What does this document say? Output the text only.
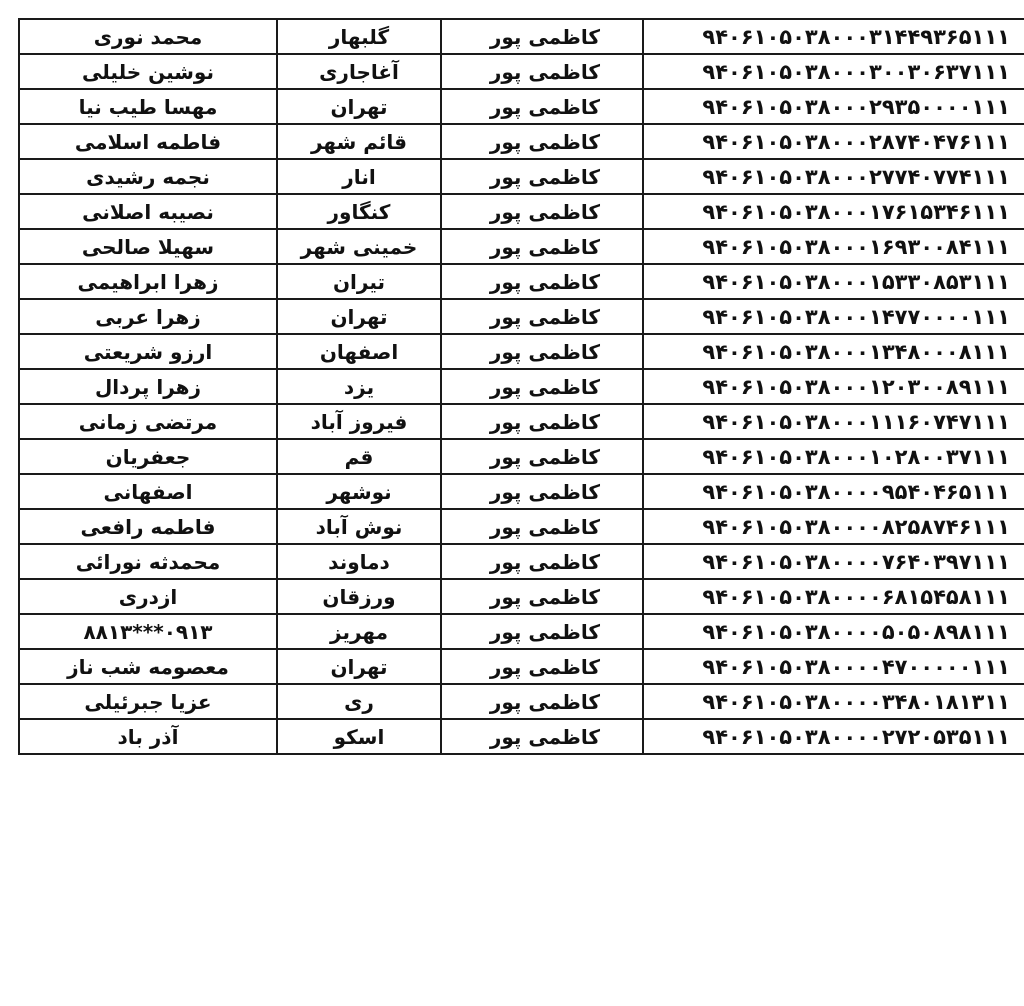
محمد نوری	گلبهار	کاظمی پور	۹۴۰۶۱۰۵۰۳۸۰۰۰۳۱۴۴۹۳۶۵۱۱۱
نوشین خلیلی	آغاجاری	کاظمی پور	۹۴۰۶۱۰۵۰۳۸۰۰۰۳۰۰۳۰۶۳۷۱۱۱
مهسا طیب نیا	تهران	کاظمی پور	۹۴۰۶۱۰۵۰۳۸۰۰۰۲۹۳۵۰۰۰۰۱۱۱
فاطمه اسلامی	قائم شهر	کاظمی پور	۹۴۰۶۱۰۵۰۳۸۰۰۰۲۸۷۴۰۴۷۶۱۱۱
نجمه رشیدی	انار	کاظمی پور	۹۴۰۶۱۰۵۰۳۸۰۰۰۲۷۷۴۰۷۷۴۱۱۱
نصیبه اصلانی	کنگاور	کاظمی پور	۹۴۰۶۱۰۵۰۳۸۰۰۰۱۷۶۱۵۳۴۶۱۱۱
سهیلا صالحی	خمینی شهر	کاظمی پور	۹۴۰۶۱۰۵۰۳۸۰۰۰۱۶۹۳۰۰۸۴۱۱۱
زهرا ابراهیمی	تیران	کاظمی پور	۹۴۰۶۱۰۵۰۳۸۰۰۰۱۵۳۳۰۸۵۳۱۱۱
زهرا عربی	تهران	کاظمی پور	۹۴۰۶۱۰۵۰۳۸۰۰۰۱۴۷۷۰۰۰۰۱۱۱
ارزو شریعتی	اصفهان	کاظمی پور	۹۴۰۶۱۰۵۰۳۸۰۰۰۱۳۴۸۰۰۰۸۱۱۱
زهرا پردال	یزد	کاظمی پور	۹۴۰۶۱۰۵۰۳۸۰۰۰۱۲۰۳۰۰۸۹۱۱۱
مرتضی زمانی	فیروز آباد	کاظمی پور	۹۴۰۶۱۰۵۰۳۸۰۰۰۱۱۱۶۰۷۴۷۱۱۱
جعفریان	قم	کاظمی پور	۹۴۰۶۱۰۵۰۳۸۰۰۰۱۰۲۸۰۰۳۷۱۱۱
اصفهانی	نوشهر	کاظمی پور	۹۴۰۶۱۰۵۰۳۸۰۰۰۰۹۵۴۰۴۶۵۱۱۱
فاطمه رافعی	نوش آباد	کاظمی پور	۹۴۰۶۱۰۵۰۳۸۰۰۰۰۸۲۵۸۷۴۶۱۱۱
محمدثه نورائی	دماوند	کاظمی پور	۹۴۰۶۱۰۵۰۳۸۰۰۰۰۷۶۴۰۳۹۷۱۱۱
ازدری	ورزقان	کاظمی پور	۹۴۰۶۱۰۵۰۳۸۰۰۰۰۶۸۱۵۴۵۸۱۱۱
۰۹۱۳***۸۸۱۳	مهریز	کاظمی پور	۹۴۰۶۱۰۵۰۳۸۰۰۰۰۵۰۵۰۸۹۸۱۱۱
معصومه شب ناز	تهران	کاظمی پور	۹۴۰۶۱۰۵۰۳۸۰۰۰۰۴۷۰۰۰۰۰۱۱۱
عزیا جبرئیلی	ری	کاظمی پور	۹۴۰۶۱۰۵۰۳۸۰۰۰۰۳۴۸۰۱۸۱۳۱۱
آذر باد	اسکو	کاظمی پور	۹۴۰۶۱۰۵۰۳۸۰۰۰۰۲۷۲۰۵۳۵۱۱۱
